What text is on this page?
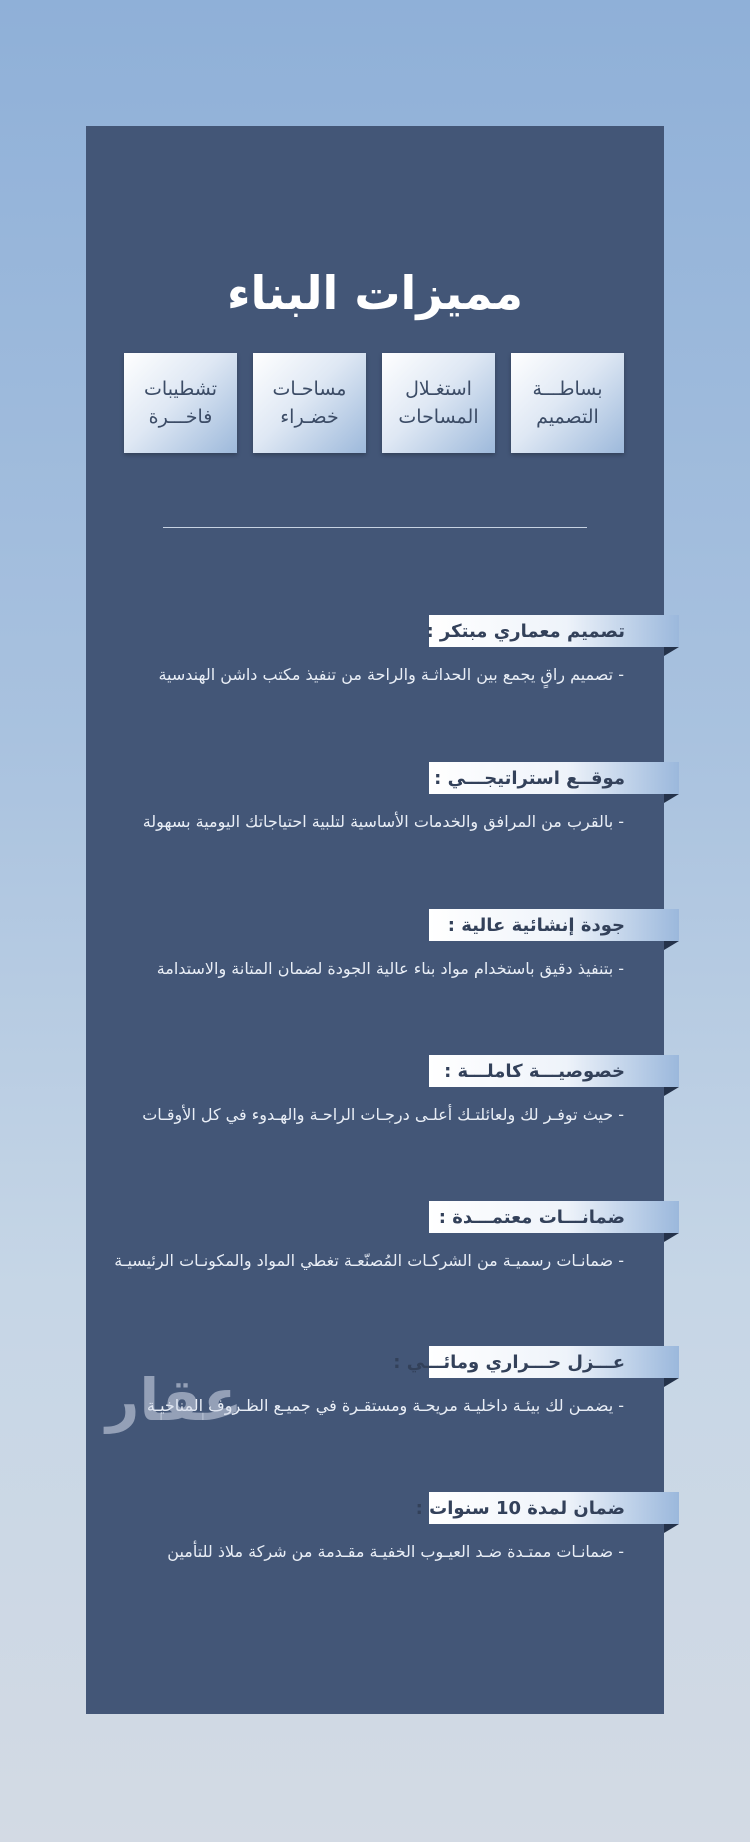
مميزات البناء
بساطـــة
التصميم
استغـلال
المساحات
مساحـات
خضـراء
تشطيبات
فاخـــرة
تصميم معماري مبتكر :
- تصميم راقٍ يجمع بين الحداثـة والراحة من تنفيذ مكتب داشن الهندسية
موقــع استراتيجـــي :
- بالقرب من المرافق والخدمات الأساسية لتلبية احتياجاتك اليومية بسهولة
جودة إنشائية عالية :
- بتنفيذ دقيق باستخدام مواد بناء عالية الجودة لضمان المتانة والاستدامة
خصوصيـــة كاملـــة :
- حيث توفـر لك ولعائلتـك أعلـى درجـات الراحـة والهـدوء في كل الأوقـات
ضمانـــات معتمـــدة :
- ضمانـات رسميـة من الشركـات المُصنّعـة تغطي المواد والمكونـات الرئيسيـة
عـــزل حـــراري ومائـــي :
- يضمـن لك بيئـة داخليـة مريحـة ومستقـرة في جميـع الظـروف المناخيـة
ضمان لمدة 10 سنوات :
- ضمانـات ممتـدة ضـد العيـوب الخفيـة مقـدمة من شركة ملاذ للتأمين
عقار
